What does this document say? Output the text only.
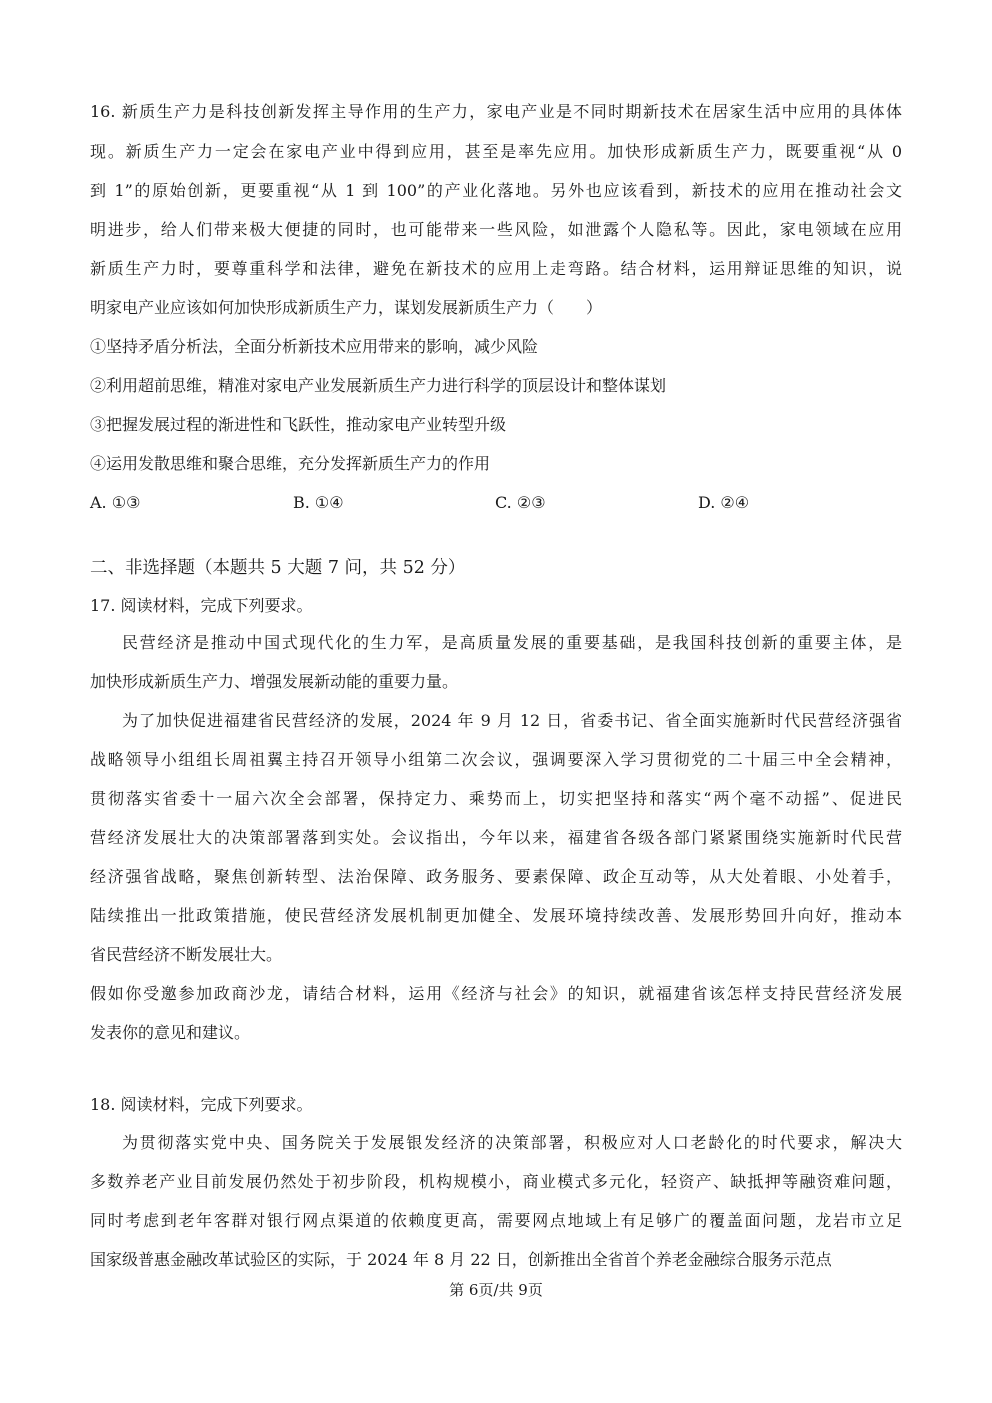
16. 新质生产力是科技创新发挥主导作用的生产力，家电产业是不同时期新技术在居家生活中应用的具体体
现。新质生产力一定会在家电产业中得到应用，甚至是率先应用。加快形成新质生产力，既要重视“从 0
到 1”的原始创新，更要重视“从 1 到 100”的产业化落地。另外也应该看到，新技术的应用在推动社会文
明进步，给人们带来极大便捷的同时，也可能带来一些风险，如泄露个人隐私等。因此，家电领域在应用
新质生产力时，要尊重科学和法律，避免在新技术的应用上走弯路。结合材料，运用辩证思维的知识，说
明家电产业应该如何加快形成新质生产力，谋划发展新质生产力（　　）
①坚持矛盾分析法，全面分析新技术应用带来的影响，减少风险
②利用超前思维，精准对家电产业发展新质生产力进行科学的顶层设计和整体谋划
③把握发展过程的渐进性和飞跃性，推动家电产业转型升级
④运用发散思维和聚合思维，充分发挥新质生产力的作用
A. ①③	B. ①④	C. ②③	D. ②④
二、非选择题（本题共 5 大题 7 问，共 52 分）
17. 阅读材料，完成下列要求。
民营经济是推动中国式现代化的生力军，是高质量发展的重要基础，是我国科技创新的重要主体，是
加快形成新质生产力、增强发展新动能的重要力量。
为了加快促进福建省民营经济的发展，2024 年 9 月 12 日，省委书记、省全面实施新时代民营经济强省
战略领导小组组长周祖翼主持召开领导小组第二次会议，强调要深入学习贯彻党的二十届三中全会精神，
贯彻落实省委十一届六次全会部署，保持定力、乘势而上，切实把坚持和落实“两个毫不动摇”、促进民
营经济发展壮大的决策部署落到实处。会议指出，今年以来，福建省各级各部门紧紧围绕实施新时代民营
经济强省战略，聚焦创新转型、法治保障、政务服务、要素保障、政企互动等，从大处着眼、小处着手，
陆续推出一批政策措施，使民营经济发展机制更加健全、发展环境持续改善、发展形势回升向好，推动本
省民营经济不断发展壮大。
假如你受邀参加政商沙龙，请结合材料，运用《经济与社会》的知识，就福建省该怎样支持民营经济发展
发表你的意见和建议。
18. 阅读材料，完成下列要求。
为贯彻落实党中央、国务院关于发展银发经济的决策部署，积极应对人口老龄化的时代要求，解决大
多数养老产业目前发展仍然处于初步阶段，机构规模小，商业模式多元化，轻资产、缺抵押等融资难问题，
同时考虑到老年客群对银行网点渠道的依赖度更高，需要网点地域上有足够广的覆盖面问题，龙岩市立足
国家级普惠金融改革试验区的实际，于 2024 年 8 月 22 日，创新推出全省首个养老金融综合服务示范点
第 6页/共 9页
